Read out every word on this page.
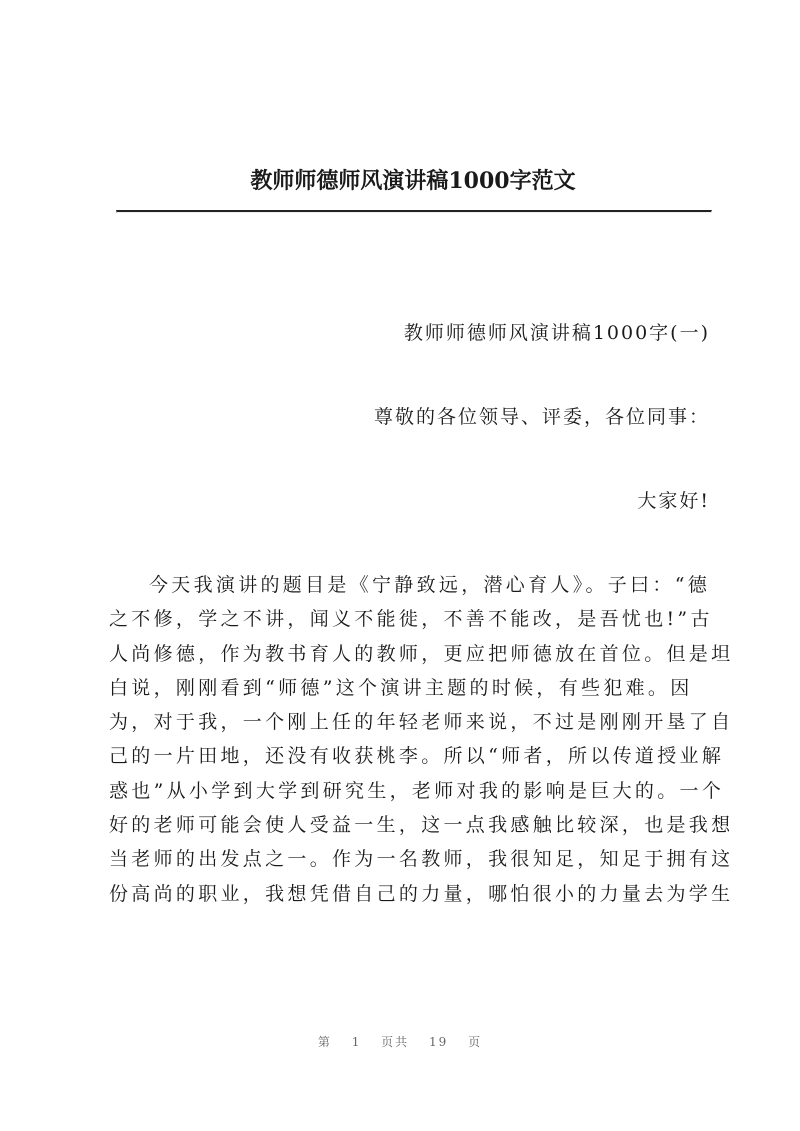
教师师德师风演讲稿1000字范文

教师师德师风演讲稿1000字(一)

尊敬的各位领导、评委，各位同事：

大家好!

今天我演讲的题目是《宁静致远，潜心育人》。子曰：“德
之不修，学之不讲，闻义不能徙，不善不能改，是吾忧也!”古
人尚修德，作为教书育人的教师，更应把师德放在首位。但是坦
白说，刚刚看到“师德”这个演讲主题的时候，有些犯难。因
为，对于我，一个刚上任的年轻老师来说，不过是刚刚开垦了自
己的一片田地，还没有收获桃李。所以“师者，所以传道授业解
惑也”从小学到大学到研究生，老师对我的影响是巨大的。一个
好的老师可能会使人受益一生，这一点我感触比较深，也是我想
当老师的出发点之一。作为一名教师，我很知足，知足于拥有这
份高尚的职业，我想凭借自己的力量，哪怕很小的力量去为学生
第 1 页共 19 页
